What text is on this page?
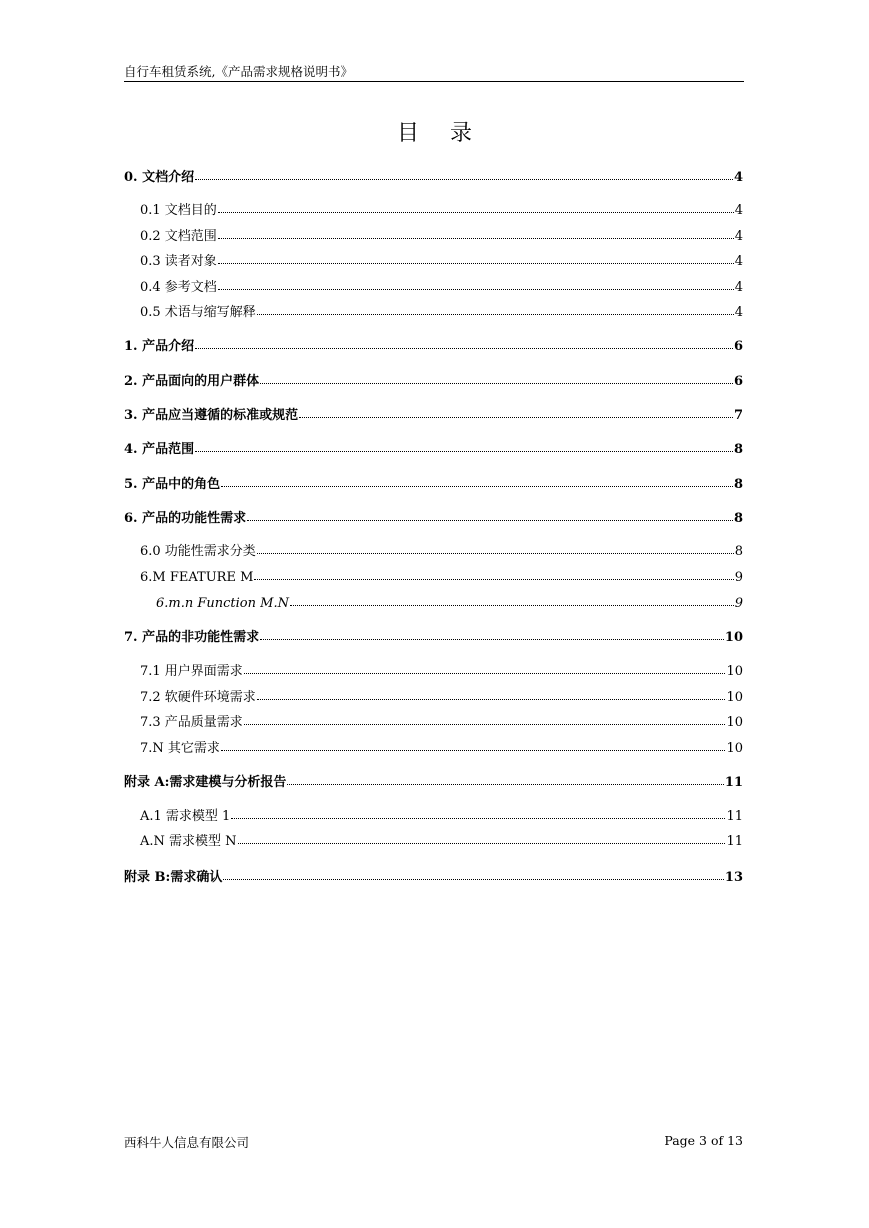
自行车租赁系统,《产品需求规格说明书》
目 录
0. 文档介绍	4
0.1 文档目的	4
0.2 文档范围	4
0.3 读者对象	4
0.4 参考文档	4
0.5 术语与缩写解释	4
1. 产品介绍	6
2. 产品面向的用户群体	6
3. 产品应当遵循的标准或规范	7
4. 产品范围	8
5. 产品中的角色	8
6. 产品的功能性需求	8
6.0 功能性需求分类	8
6.M FEATURE M	9
6.m.n Function M.N	9
7. 产品的非功能性需求	10
7.1 用户界面需求	10
7.2 软硬件环境需求	10
7.3 产品质量需求	10
7.N 其它需求	10
附录 A:需求建模与分析报告	11
A.1 需求模型 1	11
A.N 需求模型 N	11
附录 B:需求确认	13
西科牛人信息有限公司	Page 3 of 13
